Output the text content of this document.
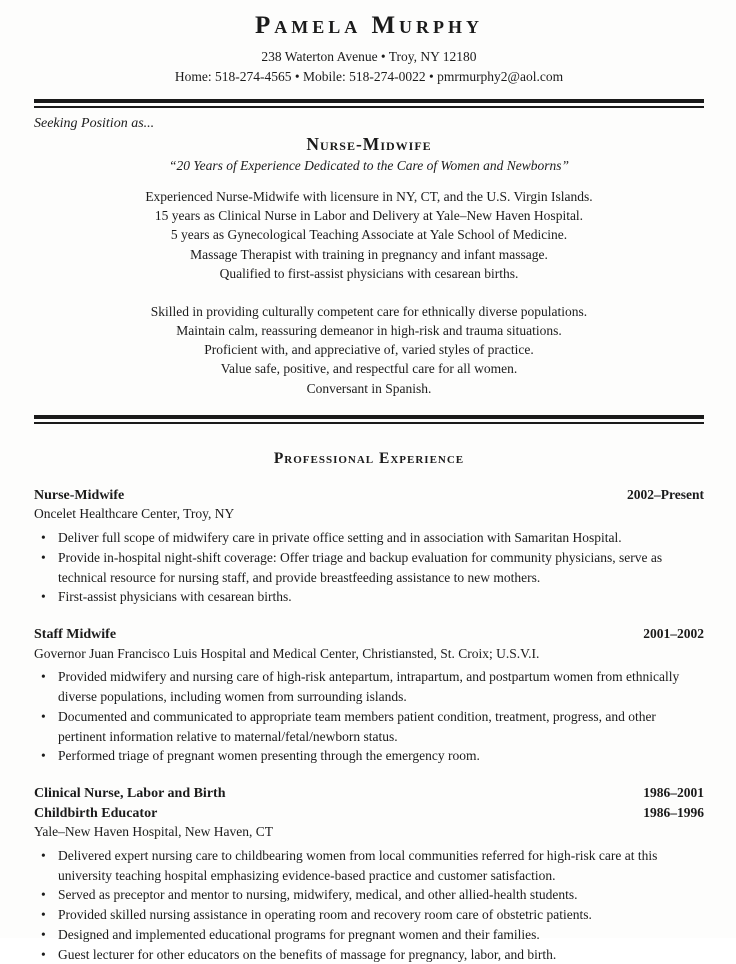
Pamela Murphy
238 Waterton Avenue • Troy, NY 12180
Home: 518-274-4565 • Mobile: 518-274-0022 • pmrmurphy2@aol.com
Seeking Position as...
Nurse-Midwife
“20 Years of Experience Dedicated to the Care of Women and Newborns”
Experienced Nurse-Midwife with licensure in NY, CT, and the U.S. Virgin Islands.
15 years as Clinical Nurse in Labor and Delivery at Yale–New Haven Hospital.
5 years as Gynecological Teaching Associate at Yale School of Medicine.
Massage Therapist with training in pregnancy and infant massage.
Qualified to first-assist physicians with cesarean births.
Skilled in providing culturally competent care for ethnically diverse populations.
Maintain calm, reassuring demeanor in high-risk and trauma situations.
Proficient with, and appreciative of, varied styles of practice.
Value safe, positive, and respectful care for all women.
Conversant in Spanish.
Professional Experience
Nurse-Midwife	2002–Present
Oncelet Healthcare Center, Troy, NY
• Deliver full scope of midwifery care in private office setting and in association with Samaritan Hospital.
• Provide in-hospital night-shift coverage: Offer triage and backup evaluation for community physicians, serve as technical resource for nursing staff, and provide breastfeeding assistance to new mothers.
• First-assist physicians with cesarean births.
Staff Midwife	2001–2002
Governor Juan Francisco Luis Hospital and Medical Center, Christiansted, St. Croix; U.S.V.I.
• Provided midwifery and nursing care of high-risk antepartum, intrapartum, and postpartum women from ethnically diverse populations, including women from surrounding islands.
• Documented and communicated to appropriate team members patient condition, treatment, progress, and other pertinent information relative to maternal/fetal/newborn status.
• Performed triage of pregnant women presenting through the emergency room.
Clinical Nurse, Labor and Birth	1986–2001
Childbirth Educator	1986–1996
Yale–New Haven Hospital, New Haven, CT
• Delivered expert nursing care to childbearing women from local communities referred for high-risk care at this university teaching hospital emphasizing evidence-based practice and customer satisfaction.
• Served as preceptor and mentor to nursing, midwifery, medical, and other allied-health students.
• Provided skilled nursing assistance in operating room and recovery room care of obstetric patients.
• Designed and implemented educational programs for pregnant women and their families.
• Guest lecturer for other educators on the benefits of massage for pregnancy, labor, and birth.
